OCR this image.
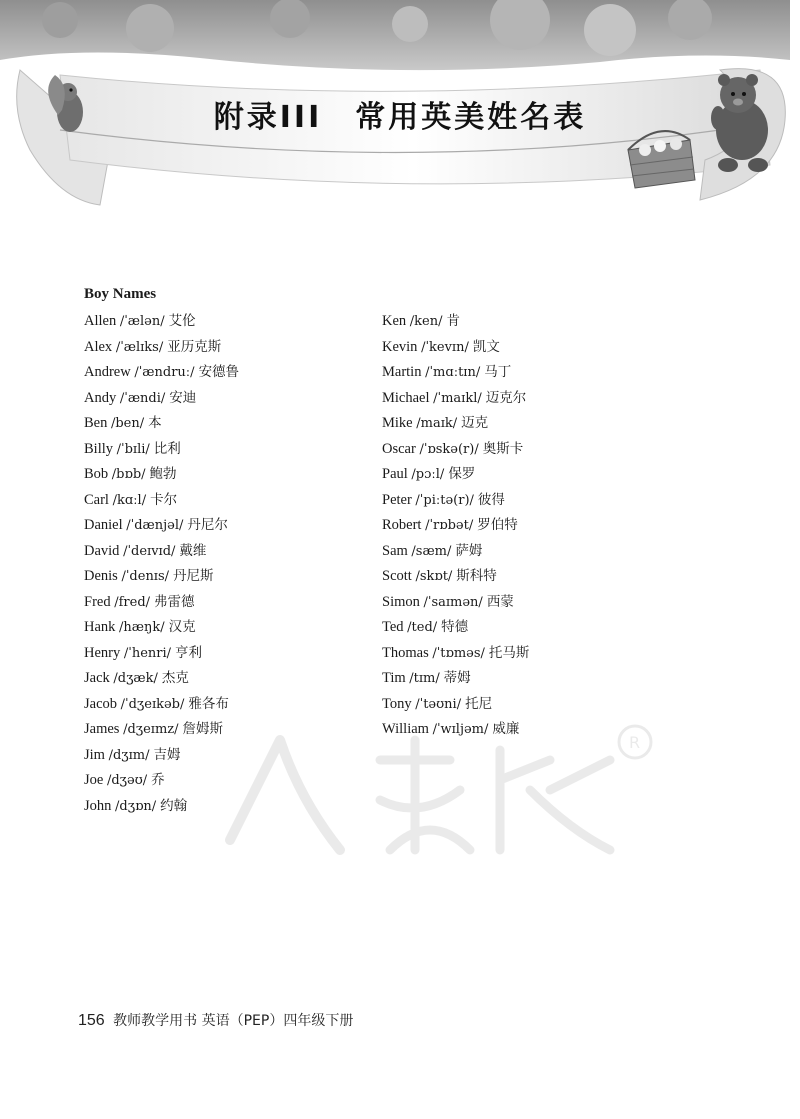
附录III　常用英美姓名表
Boy Names
Allen /ˈælən/ 艾伦
Alex /ˈælɪks/ 亚历克斯
Andrew /ˈændruː/ 安德鲁
Andy /ˈændi/ 安迪
Ben /ben/ 本
Billy /ˈbɪli/ 比利
Bob /bɒb/ 鲍勃
Carl /kɑːl/ 卡尔
Daniel /ˈdænjəl/ 丹尼尔
David /ˈdeɪvɪd/ 戴维
Denis /ˈdenɪs/ 丹尼斯
Fred /fred/ 弗雷德
Hank /hæŋk/ 汉克
Henry /ˈhenri/ 亨利
Jack /dʒæk/ 杰克
Jacob /ˈdʒeɪkəb/ 雅各布
James /dʒeɪmz/ 詹姆斯
Jim /dʒɪm/ 吉姆
Joe /dʒəʊ/ 乔
John /dʒɒn/ 约翰
Ken /ken/ 肯
Kevin /ˈkevɪn/ 凯文
Martin /ˈmɑːtɪn/ 马丁
Michael /ˈmaɪkl/ 迈克尔
Mike /maɪk/ 迈克
Oscar /ˈɒskə(r)/ 奥斯卡
Paul /pɔːl/ 保罗
Peter /ˈpiːtə(r)/ 彼得
Robert /ˈrɒbət/ 罗伯特
Sam /sæm/ 萨姆
Scott /skɒt/ 斯科特
Simon /ˈsaɪmən/ 西蒙
Ted /ted/ 特德
Thomas /ˈtɒməs/ 托马斯
Tim /tɪm/ 蒂姆
Tony /ˈtəʊni/ 托尼
William /ˈwɪljəm/ 威廉
R
156 教师教学用书 英语（PEP）四年级下册
